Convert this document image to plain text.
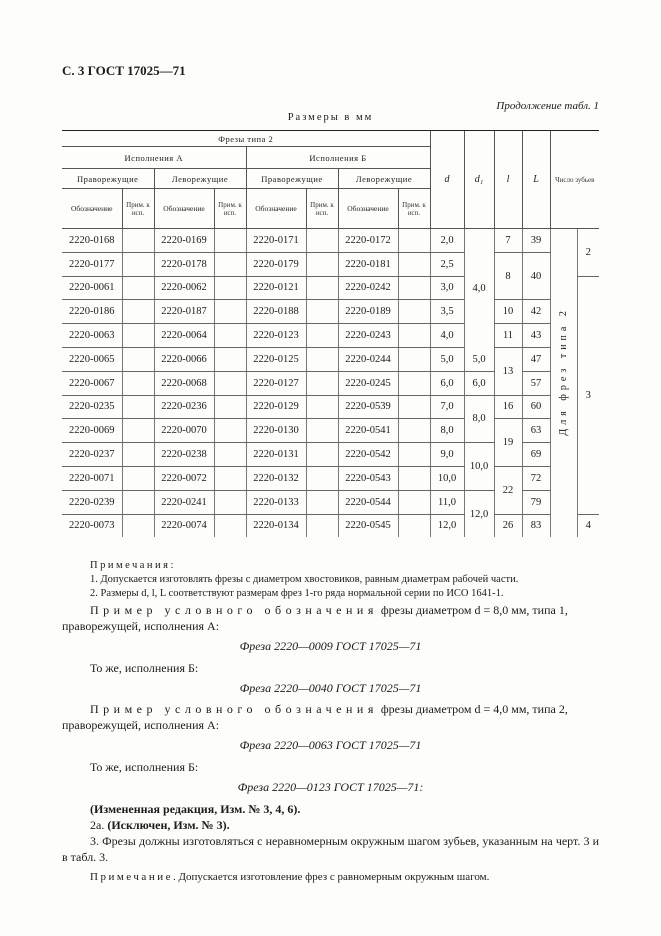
С. 3 ГОСТ 17025—71
Продолжение табл. 1
Размеры в мм
Фрезы типа 2								d	d₁	l	L	Число зубьев	
Исполнения А				Исполнения Б									
Праворежущие		Леворежущие		Праворежущие		Леворежущие							
Обозначение	Прим. к исп.	Обозначение	Прим. к исп.	Обозначение	Прим. к исп.	Обозначение	Прим. к исп.						
2220-0168		2220-0169		2220-0171		2220-0172		2,0	4,0	7	39	Для фрез типа 2	2
2220-0177		2220-0178		2220-0179		2220-0181		2,5		8	40		
2220-0061		2220-0062		2220-0121		2220-0242		3,0					3
2220-0186		2220-0187		2220-0188		2220-0189		3,5		10	42		
2220-0063		2220-0064		2220-0123		2220-0243		4,0		11	43		
2220-0065		2220-0066		2220-0125		2220-0244		5,0	5,0	13	47		
2220-0067		2220-0068		2220-0127		2220-0245		6,0	6,0		57		
2220-0235		2220-0236		2220-0129		2220-0539		7,0	8,0	16	60		
2220-0069		2220-0070		2220-0130		2220-0541		8,0		19	63		
2220-0237		2220-0238		2220-0131		2220-0542		9,0	10,0		69		
2220-0071		2220-0072		2220-0132		2220-0543		10,0		22	72		
2220-0239		2220-0241		2220-0133		2220-0544		11,0	12,0		79		
2220-0073		2220-0074		2220-0134		2220-0545		12,0		26	83		4
Примечания:
1. Допускается изготовлять фрезы с диаметром хвостовиков, равным диаметрам рабочей части.
2. Размеры d, l, L соответствуют размерам фрез 1-го ряда нормальной серии по ИСО 1641-1.
Пример условного обозначения фрезы диаметром d = 8,0 мм, типа 1,
праворежущей, исполнения А:
Фреза 2220—0009 ГОСТ 17025—71
То же, исполнения Б:
Фреза 2220—0040 ГОСТ 17025—71
Пример условного обозначения фрезы диаметром d = 4,0 мм, типа 2,
праворежущей, исполнения А:
Фреза 2220—0063 ГОСТ 17025—71
То же, исполнения Б:
Фреза 2220—0123 ГОСТ 17025—71:
(Измененная редакция, Изм. № 3, 4, 6).
2а. (Исключен, Изм. № 3).
3. Фрезы должны изготовляться с неравномерным окружным шагом зубьев, указанным на черт. 3 и в табл. 3.
Примечание. Допускается изготовление фрез с равномерным окружным шагом.
